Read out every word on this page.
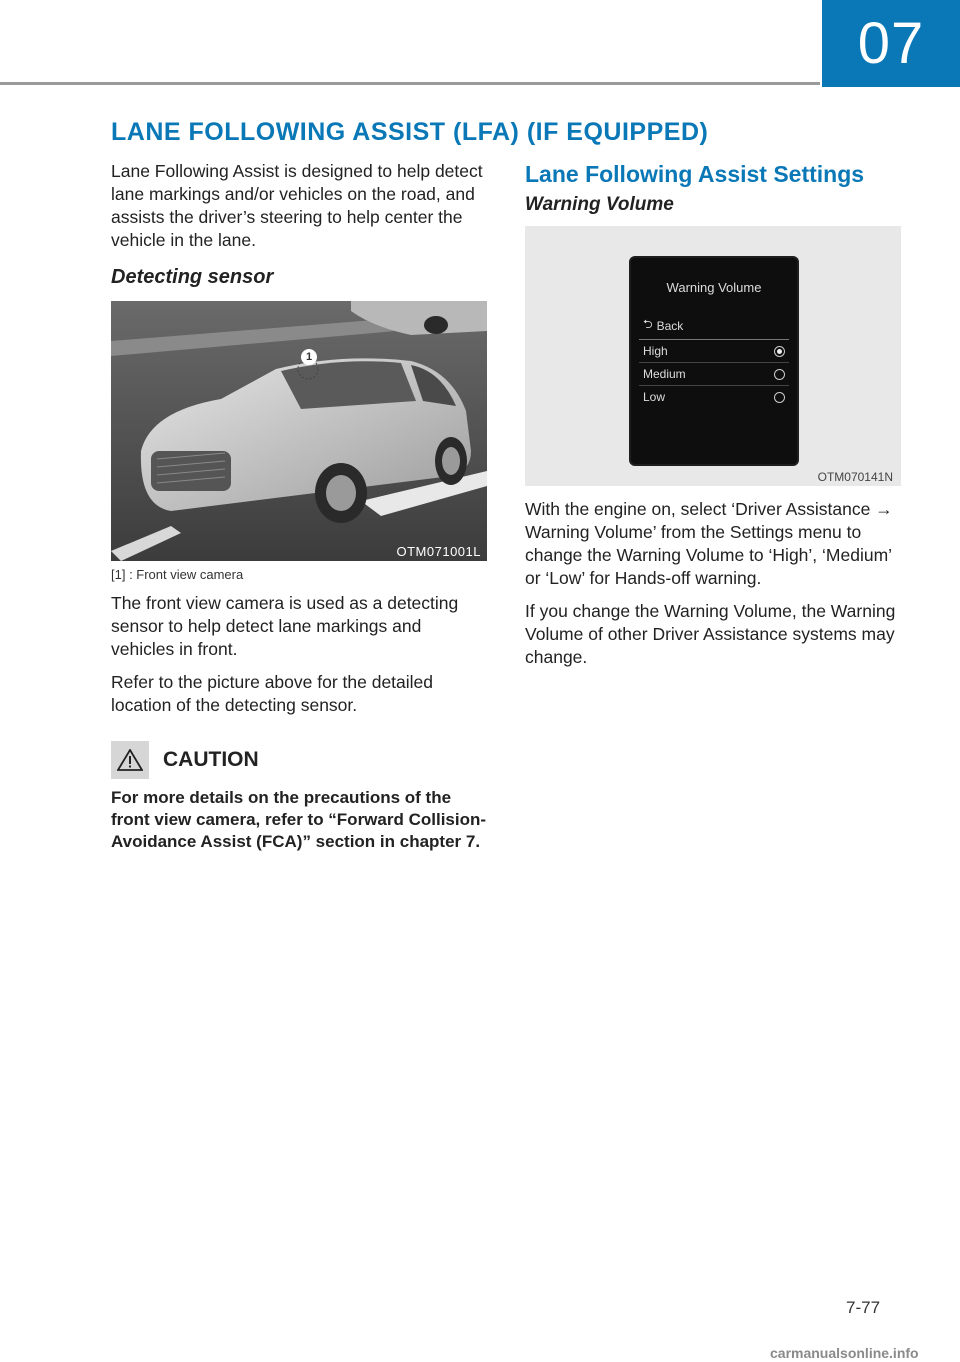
07
LANE FOLLOWING ASSIST (LFA) (IF EQUIPPED)

Lane Following Assist is designed to help detect lane markings and/or vehicles on the road, and assists the driver’s steering to help center the vehicle in the lane.

Detecting sensor
1
OTM071001L
[1] : Front view camera

The front view camera is used as a detecting sensor to help detect lane markings and vehicles in front.

Refer to the picture above for the detailed location of the detecting sensor.

CAUTION

For more details on the precautions of the front view camera, refer to “Forward Collision-Avoidance Assist (FCA)” section in chapter 7.

Lane Following Assist Settings
Warning Volume
Warning Volume
⮌ Back
High
Medium
Low
OTM070141N

With the engine on, select ‘Driver Assistance → Warning Volume’ from the Settings menu to change the Warning Volume to ‘High’, ‘Medium’ or ‘Low’ for Hands-off warning.

If you change the Warning Volume, the Warning Volume of other Driver Assistance systems may change.

7-77
carmanualsonline.info
